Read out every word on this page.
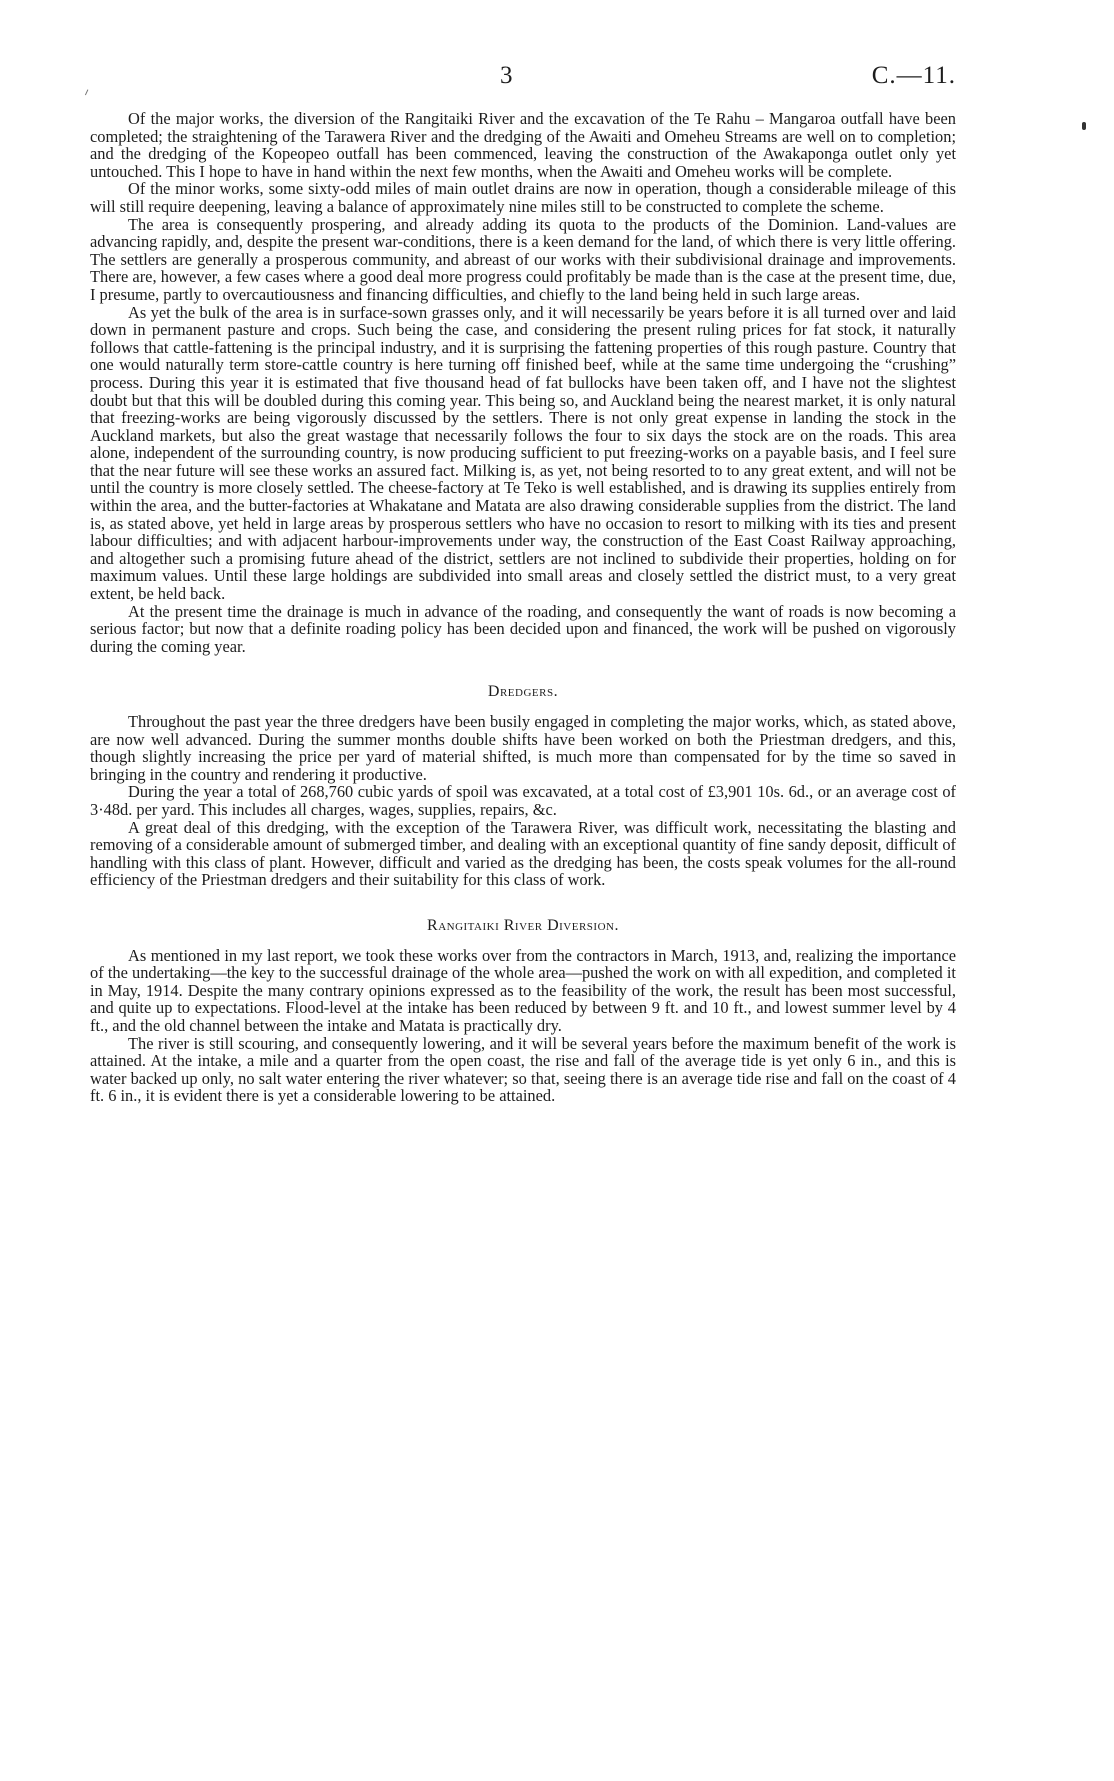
3	C.—11.

Of the major works, the diversion of the Rangitaiki River and the excavation of the Te Rahu – Mangaroa outfall have been completed; the straightening of the Tarawera River and the dredging of the Awaiti and Omeheu Streams are well on to completion; and the dredging of the Kopeopeo outfall has been commenced, leaving the construction of the Awakaponga outlet only yet untouched. This I hope to have in hand within the next few months, when the Awaiti and Omeheu works will be complete.

Of the minor works, some sixty-odd miles of main outlet drains are now in operation, though a considerable mileage of this will still require deepening, leaving a balance of approximately nine miles still to be constructed to complete the scheme.

The area is consequently prospering, and already adding its quota to the products of the Dominion. Land-values are advancing rapidly, and, despite the present war-conditions, there is a keen demand for the land, of which there is very little offering. The settlers are generally a prosperous community, and abreast of our works with their subdivisional drainage and improvements. There are, however, a few cases where a good deal more progress could profitably be made than is the case at the present time, due, I presume, partly to overcautiousness and financing difficulties, and chiefly to the land being held in such large areas.

As yet the bulk of the area is in surface-sown grasses only, and it will necessarily be years before it is all turned over and laid down in permanent pasture and crops. Such being the case, and considering the present ruling prices for fat stock, it naturally follows that cattle-fattening is the principal industry, and it is surprising the fattening properties of this rough pasture. Country that one would naturally term store-cattle country is here turning off finished beef, while at the same time undergoing the “crushing” process. During this year it is estimated that five thousand head of fat bullocks have been taken off, and I have not the slightest doubt but that this will be doubled during this coming year. This being so, and Auckland being the nearest market, it is only natural that freezing-works are being vigorously discussed by the settlers. There is not only great expense in landing the stock in the Auckland markets, but also the great wastage that necessarily follows the four to six days the stock are on the roads. This area alone, independent of the surrounding country, is now producing sufficient to put freezing-works on a payable basis, and I feel sure that the near future will see these works an assured fact. Milking is, as yet, not being resorted to to any great extent, and will not be until the country is more closely settled. The cheese-factory at Te Teko is well established, and is drawing its supplies entirely from within the area, and the butter-factories at Whakatane and Matata are also drawing considerable supplies from the district. The land is, as stated above, yet held in large areas by prosperous settlers who have no occasion to resort to milking with its ties and present labour difficulties; and with adjacent harbour-improvements under way, the construction of the East Coast Railway approaching, and altogether such a promising future ahead of the district, settlers are not inclined to subdivide their properties, holding on for maximum values. Until these large holdings are subdivided into small areas and closely settled the district must, to a very great extent, be held back.

At the present time the drainage is much in advance of the roading, and consequently the want of roads is now becoming a serious factor; but now that a definite roading policy has been decided upon and financed, the work will be pushed on vigorously during the coming year.

Dredgers.

Throughout the past year the three dredgers have been busily engaged in completing the major works, which, as stated above, are now well advanced. During the summer months double shifts have been worked on both the Priestman dredgers, and this, though slightly increasing the price per yard of material shifted, is much more than compensated for by the time so saved in bringing in the country and rendering it productive.

During the year a total of 268,760 cubic yards of spoil was excavated, at a total cost of £3,901 10s. 6d., or an average cost of 3·48d. per yard. This includes all charges, wages, supplies, repairs, &c.

A great deal of this dredging, with the exception of the Tarawera River, was difficult work, necessitating the blasting and removing of a considerable amount of submerged timber, and dealing with an exceptional quantity of fine sandy deposit, difficult of handling with this class of plant. However, difficult and varied as the dredging has been, the costs speak volumes for the all-round efficiency of the Priestman dredgers and their suitability for this class of work.

Rangitaiki River Diversion.

As mentioned in my last report, we took these works over from the contractors in March, 1913, and, realizing the importance of the undertaking—the key to the successful drainage of the whole area—pushed the work on with all expedition, and completed it in May, 1914. Despite the many contrary opinions expressed as to the feasibility of the work, the result has been most successful, and quite up to expectations. Flood-level at the intake has been reduced by between 9 ft. and 10 ft., and lowest summer level by 4 ft., and the old channel between the intake and Matata is practically dry.

The river is still scouring, and consequently lowering, and it will be several years before the maximum benefit of the work is attained. At the intake, a mile and a quarter from the open coast, the rise and fall of the average tide is yet only 6 in., and this is water backed up only, no salt water entering the river whatever; so that, seeing there is an average tide rise and fall on the coast of 4 ft. 6 in., it is evident there is yet a considerable lowering to be attained.
